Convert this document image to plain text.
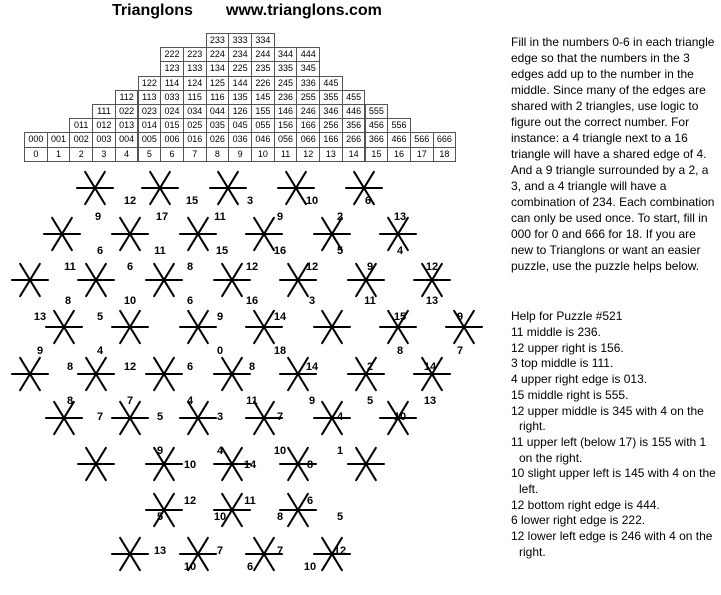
Trianglons www.trianglons.com
233 333 334
222 223 224 234 244 344 444
123 133 134 225 235 335 345
122 114 124 125 144 226 245 336 445
112 113 033 115 116 135 145 236 255 355 455
111 022 023 024 034 044 126 155 146 246 346 446 555
011 012 013 014 015 025 035 045 055 156 166 256 356 456 556
000 001 002 003 004 005 006 016 026 036 046 056 066 166 266 366 466 566 666
0	1	2	3	4	5	6	7	8	9	10	11	12	13	14	15	16	17	18
12	15	3	10	6
9	17	11	9	2	13
6	11	15	16	5	4
11	6	8	12	12	9	12
8	10	6	16	3	11	13
13	5	9	14	15	9
9	4	0	18	8	7
8	12	6	8	14	2	14
8	7	4	11	9	5	13
7	5	3	7	4	10
9	4	10	1
10	14	8
12	11	6
5	10	8	5
13	7	7	12
10	6	10

Fill in the numbers 0-6 in each triangle edge so that the numbers in the 3 edges add up to the number in the middle. Since many of the edges are shared with 2 triangles, use logic to figure out the correct number. For instance: a 4 triangle next to a 16 triangle will have a shared edge of 4. And a 9 triangle surrounded by a 2, a 3, and a 4 triangle will have a combination of 234. Each combination can only be used once. To start, fill in 000 for 0 and 666 for 18. If you are new to Trianglons or want an easier puzzle, use the puzzle helps below.

Help for Puzzle #521
11 middle is 236.
12 upper right is 156.
3 top middle is 111.
4 upper right edge is 013.
15 middle right is 555.
12 upper middle is 345 with 4 on the right.
11 upper left (below 17) is 155 with 1 on the right.
10 slight upper left is 145 with 4 on the left.
12 bottom right edge is 444.
6 lower right edge is 222.
12 lower left edge is 246 with 4 on the right.
